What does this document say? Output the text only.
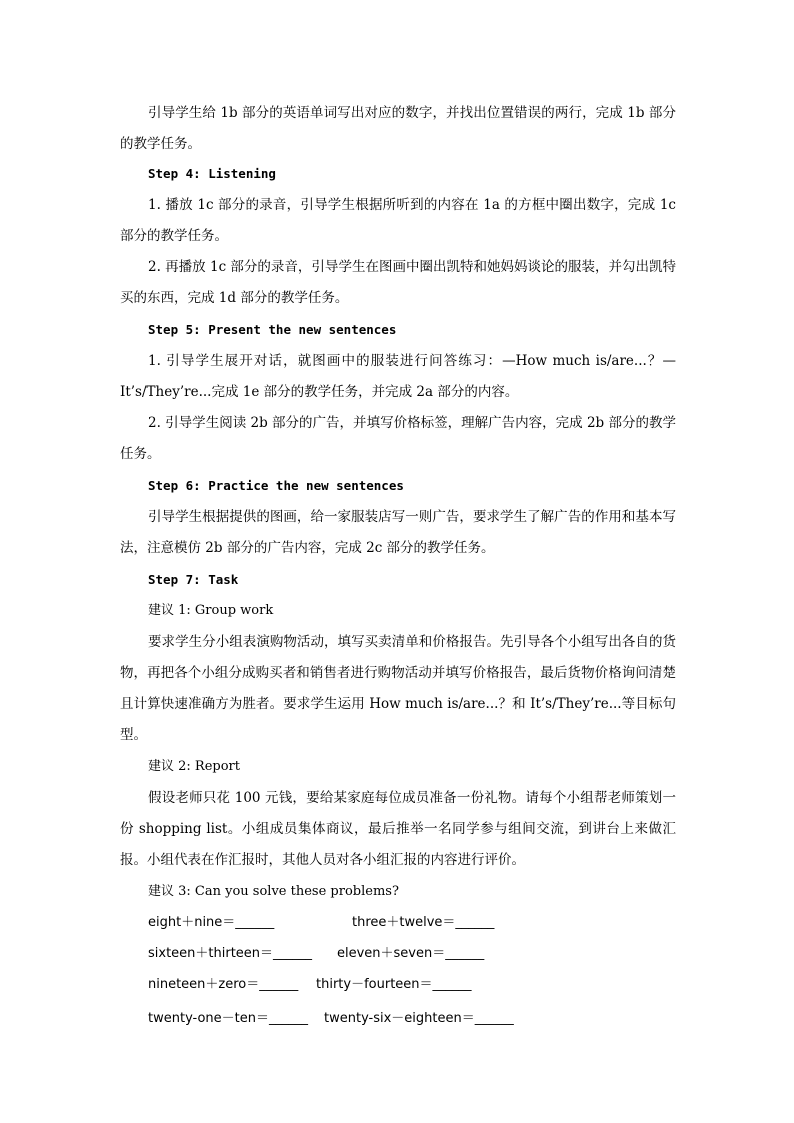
引导学生给 1b 部分的英语单词写出对应的数字，并找出位置错误的两行，完成 1b 部分的教学任务。

Step 4: Listening

1. 播放 1c 部分的录音，引导学生根据所听到的内容在 1a 的方框中圈出数字，完成 1c 部分的教学任务。

2. 再播放 1c 部分的录音，引导学生在图画中圈出凯特和她妈妈谈论的服装，并勾出凯特买的东西，完成 1d 部分的教学任务。

Step 5: Present the new sentences

1. 引导学生展开对话，就图画中的服装进行问答练习：—How much is/are...？—It’s/They’re...完成 1e 部分的教学任务，并完成 2a 部分的内容。

2. 引导学生阅读 2b 部分的广告，并填写价格标签，理解广告内容，完成 2b 部分的教学任务。

Step 6: Practice the new sentences

引导学生根据提供的图画，给一家服装店写一则广告，要求学生了解广告的作用和基本写法，注意模仿 2b 部分的广告内容，完成 2c 部分的教学任务。

Step 7: Task

建议 1: Group work

要求学生分小组表演购物活动，填写买卖清单和价格报告。先引导各个小组写出各自的货物，再把各个小组分成购买者和销售者进行购物活动并填写价格报告，最后货物价格询问清楚且计算快速准确方为胜者。要求学生运用 How much is/are...？和 It’s/They’re...等目标句型。

建议 2: Report

假设老师只花 100 元钱，要给某家庭每位成员准备一份礼物。请每个小组帮老师策划一份 shopping list。小组成员集体商议，最后推举一名同学参与组间交流，到讲台上来做汇报。小组代表在作汇报时，其他人员对各小组汇报的内容进行评价。

建议 3: Can you solve these problems?

eight＋nine＝______	three＋twelve＝______

sixteen＋thirteen＝______ eleven＋seven＝______

nineteen＋zero＝______ thirty－fourteen＝______

twenty-one－ten＝______ twenty-six－eighteen＝______
